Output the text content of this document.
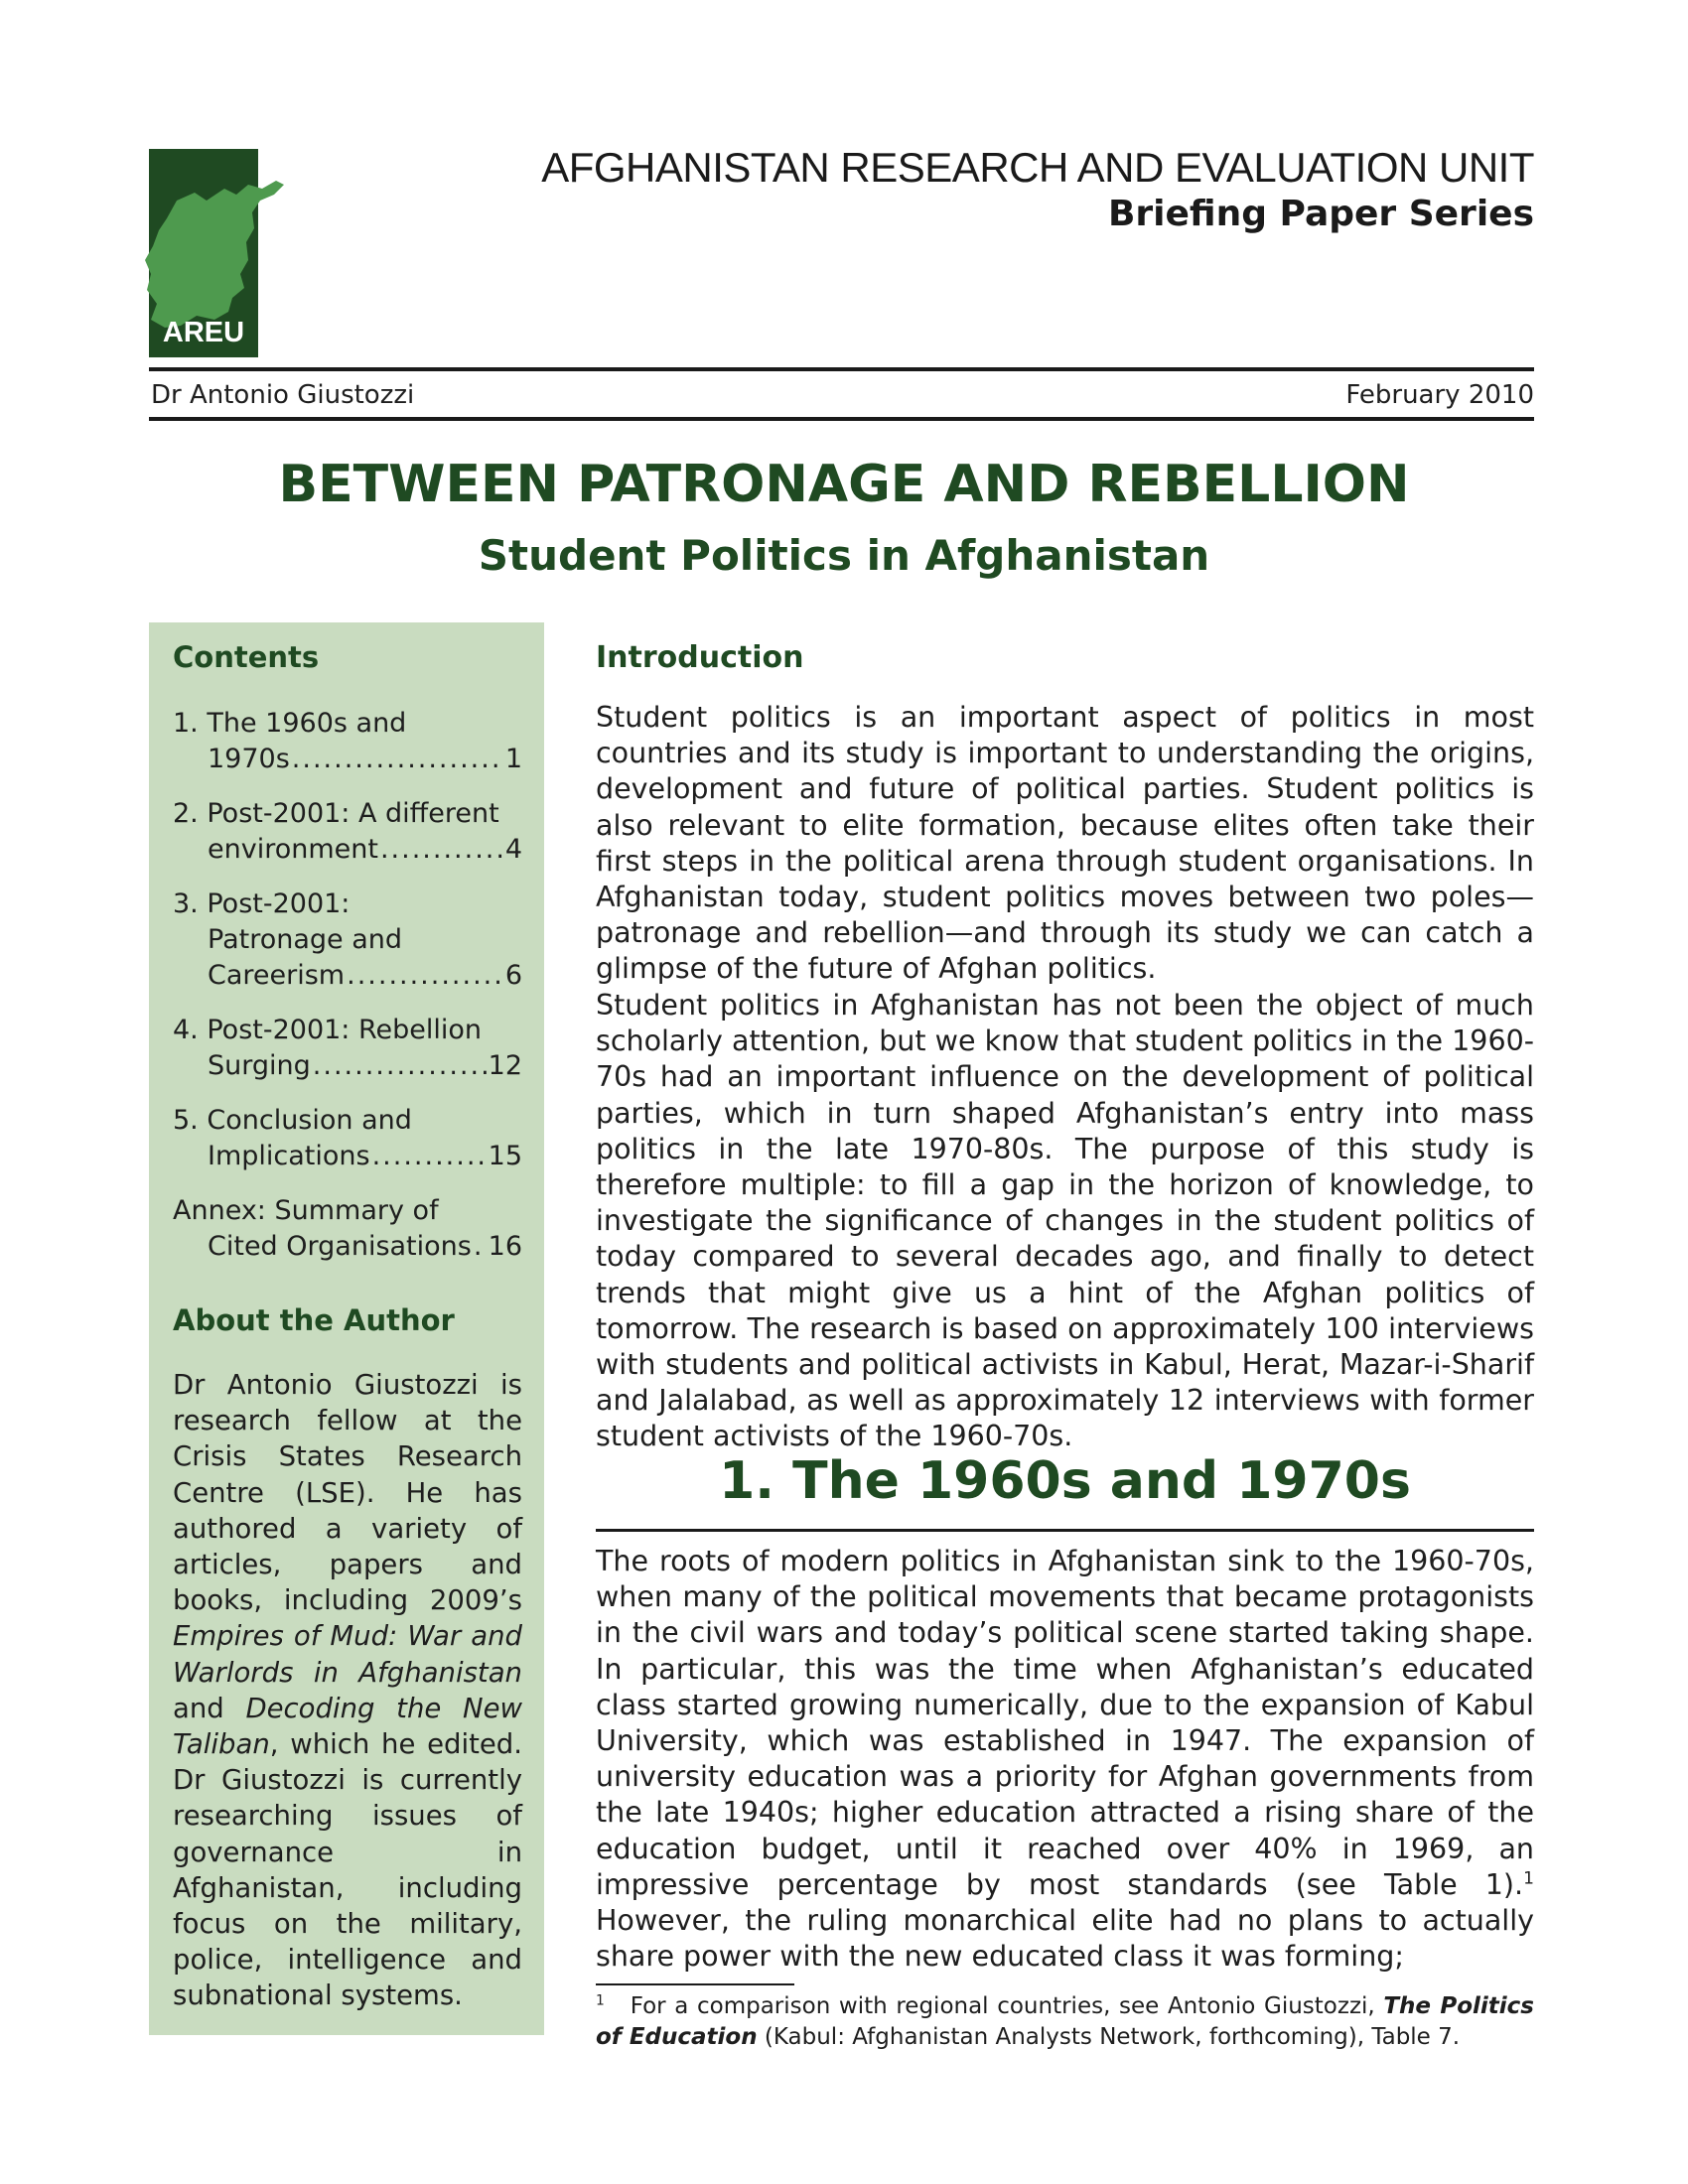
AREU
AFGHANISTAN RESEARCH AND EVALUATION UNIT
Briefing Paper Series
Dr Antonio Giustozzi	February 2010
BETWEEN PATRONAGE AND REBELLION
Student Politics in Afghanistan
Contents
1. The 1960s and
1970s .....	1
2. Post-2001: A different
environment .....	4
3. Post-2001:
Patronage and
Careerism .....	6
4. Post-2001: Rebellion
Surging .....	12
5. Conclusion and
Implications .....	15
Annex: Summary of
Cited Organisations ..... 16
About the Author
Dr Antonio Giustozzi is research fellow at the Crisis States Research Centre (LSE). He has authored a variety of articles, papers and books, including 2009’s Empires of Mud: War and Warlords in Afghanistan and Decoding the New Taliban, which he edited. Dr Giustozzi is currently researching issues of governance in Afghanistan, including focus on the military, police, intelligence and subnational systems.
Introduction
Student politics is an important aspect of politics in most countries and its study is important to understanding the origins, development and future of political parties. Student politics is also relevant to elite formation, because elites often take their first steps in the political arena through student organisations. In Afghanistan today, student politics moves between two poles—patronage and rebellion—and through its study we can catch a glimpse of the future of Afghan politics.
Student politics in Afghanistan has not been the object of much scholarly attention, but we know that student politics in the 1960-70s had an important influence on the development of political parties, which in turn shaped Afghanistan’s entry into mass politics in the late 1970-80s. The purpose of this study is therefore multiple: to fill a gap in the horizon of knowledge, to investigate the significance of changes in the student politics of today compared to several decades ago, and finally to detect trends that might give us a hint of the Afghan politics of tomorrow. The research is based on approximately 100 interviews with students and political activists in Kabul, Herat, Mazar-i-Sharif and Jalalabad, as well as approximately 12 interviews with former student activists of the 1960-70s.
1. The 1960s and 1970s
The roots of modern politics in Afghanistan sink to the 1960-70s, when many of the political movements that became protagonists in the civil wars and today’s political scene started taking shape. In particular, this was the time when Afghanistan’s educated class started growing numerically, due to the expansion of Kabul University, which was established in 1947. The expansion of university education was a priority for Afghan governments from the late 1940s; higher education attracted a rising share of the education budget, until it reached over 40% in 1969, an impressive percentage by most standards (see Table 1).$^1$ However, the ruling monarchical elite had no plans to actually share power with the new educated class it was forming;
$^1$ For a comparison with regional countries, see Antonio Giustozzi, The Politics of Education (Kabul: Afghanistan Analysts Network, forthcoming), Table 7.
